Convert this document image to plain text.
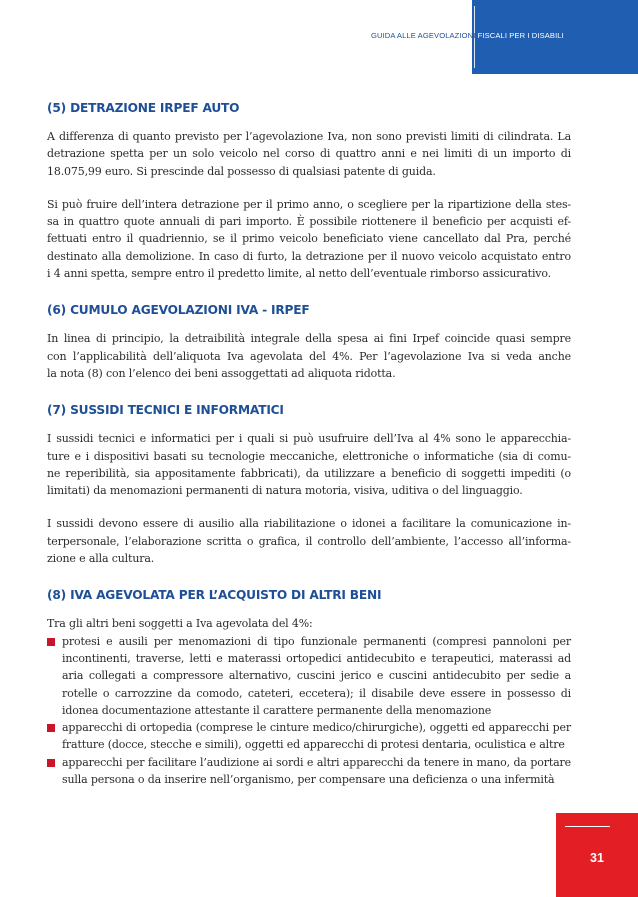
GUIDA ALLE AGEVOLAZIONI FISCALI PER I DISABILI
(5) DETRAZIONE IRPEF AUTO
A differenza di quanto previsto per l’agevolazione Iva, non sono previsti limiti di cilindrata. La
detrazione spetta per un solo veicolo nel corso di quattro anni e nei limiti di un importo di
18.075,99 euro. Si prescinde dal possesso di qualsiasi patente di guida.
Si può fruire dell’intera detrazione per il primo anno, o scegliere per la ripartizione della stes-
sa in quattro quote annuali di pari importo. È possibile riottenere il beneficio per acquisti ef-
fettuati entro il quadriennio, se il primo veicolo beneficiato viene cancellato dal Pra, perché
destinato alla demolizione. In caso di furto, la detrazione per il nuovo veicolo acquistato entro
i 4 anni spetta, sempre entro il predetto limite, al netto dell’eventuale rimborso assicurativo.
(6) CUMULO AGEVOLAZIONI IVA - IRPEF
In linea di principio, la detraibilità integrale della spesa ai fini Irpef coincide quasi sempre
con l’applicabilità dell’aliquota Iva agevolata del 4%. Per l’agevolazione Iva si veda anche
la nota (8) con l’elenco dei beni assoggettati ad aliquota ridotta.
(7) SUSSIDI TECNICI E INFORMATICI
I sussidi tecnici e informatici per i quali si può usufruire dell’Iva al 4% sono le apparecchia-
ture e i dispositivi basati su tecnologie meccaniche, elettroniche o informatiche (sia di comu-
ne reperibilità, sia appositamente fabbricati), da utilizzare a beneficio di soggetti impediti (o
limitati) da menomazioni permanenti di natura motoria, visiva, uditiva o del linguaggio.
I sussidi devono essere di ausilio alla riabilitazione o idonei a facilitare la comunicazione in-
terpersonale, l’elaborazione scritta o grafica, il controllo dell’ambiente, l’accesso all’informa-
zione e alla cultura.
(8) IVA AGEVOLATA PER L’ACQUISTO DI ALTRI BENI
Tra gli altri beni soggetti a Iva agevolata del 4%:
protesi e ausili per menomazioni di tipo funzionale permanenti (compresi pannoloni per
incontinenti, traverse, letti e materassi ortopedici antidecubito e terapeutici, materassi ad
aria collegati a compressore alternativo, cuscini jerico e cuscini antidecubito per sedie a
rotelle o carrozzine da comodo, cateteri, eccetera); il disabile deve essere in possesso di
idonea documentazione attestante il carattere permanente della menomazione
apparecchi di ortopedia (comprese le cinture medico/chirurgiche), oggetti ed apparecchi per
fratture (docce, stecche e simili), oggetti ed apparecchi di protesi dentaria, oculistica e altre
apparecchi per facilitare l’audizione ai sordi e altri apparecchi da tenere in mano, da portare
sulla persona o da inserire nell’organismo, per compensare una deficienza o una infermità
31
